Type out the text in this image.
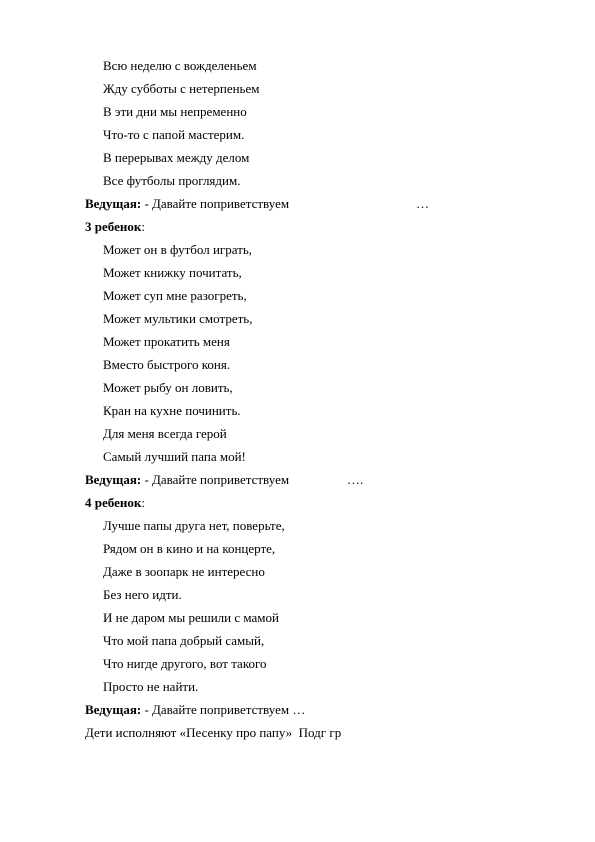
Всю неделю с вожделеньем
Жду субботы с нетерпеньем
В эти дни мы непременно
Что-то с папой мастерим.
В перерывах между делом
Все футболы проглядим.
Ведущая: - Давайте поприветствуем	…
3 ребенок:
Может он в футбол играть,
Может книжку почитать,
Может суп мне разогреть,
Может мультики смотреть,
Может прокатить меня
Вместо быстрого коня.
Может рыбу он ловить,
Кран на кухне починить.
Для меня всегда герой
Самый лучший папа мой!
Ведущая: - Давайте поприветствуем	….
4 ребенок:
Лучше папы друга нет, поверьте,
Рядом он в кино и на концерте,
Даже в зоопарк не интересно
Без него идти.
И не даром мы решили с мамой
Что мой папа добрый самый,
Что нигде другого, вот такого
Просто не найти.
Ведущая: - Давайте поприветствуем …
Дети исполняют «Песенку про папу»  Подг гр
